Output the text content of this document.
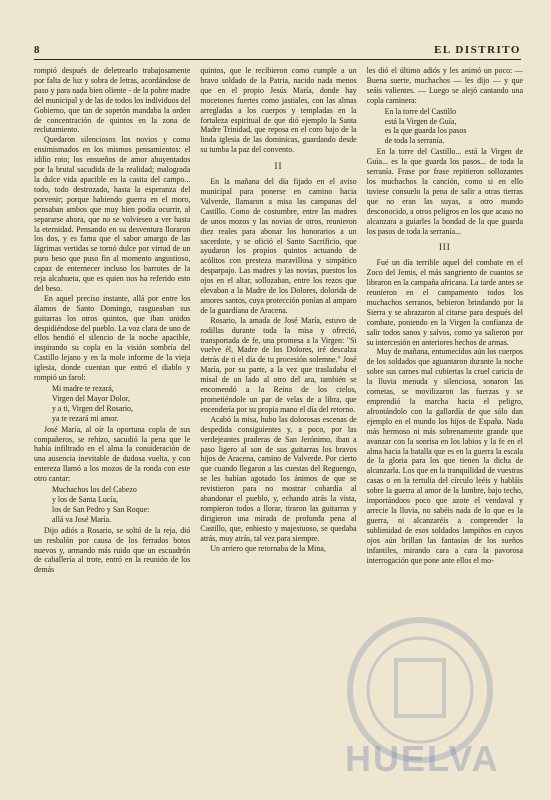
8	EL DISTRITO

rompió después de deletrearlo trabajosamente por falta de luz y sobra de letras, acordándose de paso y para nada bien oliente - de la pobre madre del municipal y de las de todos los individuos del Gobierno, que tan de sopetón mandaba la orden de concentración de quintos en la zona de reclutamiento.

Quedaron silenciosos los novios y como ensimismados en los mismos pensamientos: el idilio roto; los ensueños de amor ahuyentados por la brutal sacudida de la realidad; malograda la dulce vida apacible en la casita del campo... todo, todo destrozado, hasta la esperanza del porvenir; porque habiendo guerra en el moro, pensaban ambos que muy bien podía ocurrir, al separarse ahora, que no se volviesen a ver hasta la eternidad. Pensando en su desventura lloraron los dos, y es fama que el sabor amargo de las lágrimas vertidas se tornó dulce por virtud de un puro beso que puso fin al momento angustioso, capaz de enternecer incluso los barrotes de la reja alcahueta, que es quien nos ha referido esto del beso.

En aquel preciso instante, allá por entre los álamos de Santo Domingo, rasgueaban sus guitarras los otros quintos, que iban unidos despidiéndose del pueblo. La voz clara de uno de ellos hendió el silencio de la noche apacible, inspirando su copla en la visión sombría del Castillo lejano y en la mole informe de la vieja iglesia, donde cuentan que entró el diablo y rompió un farol:

Mi madre te rezará,
Virgen del Mayor Dolor,
y a ti, Virgen del Rosario,
ya te rezará mi amor.

José María, al oír la oportuna copla de sus compañeros, se rehizo, sacudió la pena que le había infiltrado en el alma la consideración de una ausencia inevitable de dudosa vuelta, y con entereza llamó a los mozos de la ronda con este otro cantar:

Muchachos los del Cabezo
y los de Santa Lucía,
los de San Pedro y San Roque:
allá va José María.

Dijo adiós a Rosario, se soltó de la reja, dió un resbalón por causa de los ferrados botos nuevos y, armando más ruido que un escuadrón de caballería al trote, entró en la reunión de los demás

quintos, que le recibieron como cumple a un bravo soldado de la Patria, nacido nada menos que en el propio Jesús María, donde hay mocetones fuertes como jastiales, con las almas arregladas a los cuerpos y templadas en la fortaleza espiritual de que dió ejemplo la Santa Madre Trinidad, que reposa en el coro bajo de la linda iglesia de las dominicas, guardando desde su tumba la paz del convento.

II

En la mañana del día fijado en el aviso municipal para ponerse en camino hacia Valverde, llamaron a misa las campanas del Castillo. Como de costumbre, entre las madres de unos mozos y las novias de otros, reunieron diez reales para abonar los honorarios a un sacerdote, y se ofició el Santo Sacrificio, que ayudaron los propios quintos actuando de acólitos con presteza maravillosa y simpático desparpajo. Las madres y las novias, puestos los ojos en el altar, sollozaban, entre los rezos que elevaban a la Madre de los Dolores, dolorida de amores santos, cuya protección ponían al amparo de la guardiana de Aracena.

Rosario, la amada de José María, estuvo de rodillas durante toda la misa y ofreció, transportada de fe, una promesa a la Virgen: "Si vuelve él, Madre de los Dolores, iré descalza detrás de ti el día de tu procesión solemne." José María, por su parte, a la vez que trasladaba el misal de un lado al otro del ara, también se encomendó a la Reina de los cielos, prometiéndole un par de velas de a libra, que encendería por su propia mano el día del retorno.

Acabó la misa, hubo las dolorosas escenas de despedida consiguientes y, a poco, por las verdejeantes praderas de San Jerónimo, iban a paso ligero al son de sus guitarras los bravos hijos de Aracena, camino de Valverde. Por cierto que cuando llegaron a las cuestas del Reguengo, se les habían agotado los ánimos de que se revistieron para no mostrar cobardía al abandonar el pueblo, y, echando atrás la vista, rompieron todos a llorar, tiraron las guitarras y dirigieron una mirada de profunda pena al Castillo, que, enhiesto y majestuoso, se quedaba atrás, muy atrás, tal vez para siempre.

Un arriero que retornaba de la Mina,

les dió el último adiós y les animó un poco: —Buena suerte, muchachos — les dijo — y que seáis valientes. — Luego se alejó cantando una copla caminera:

En la torre del Castillo
está la Virgen de Guía,
es la que guarda los pasos
de toda la serranía.

En la torre del Castillo... está la Virgen de Guía... es la que guarda los pasos... de toda la serranía. Frase por frase repitieron sollozantes los muchachos la canción, como si en ello tuviese consuelo la pena de salir a otras tierras que no eran las suyas, a otro mundo desconocido, a otros peligros en los que acaso no alcanzara a guiarles la bondad de la que guarda los pasos de toda la serranía...

III

Fué un día terrible aquel del combate en el Zoco del Jemis, el más sangriento de cuantos se libraron en la campaña africana. La tarde antes se reunieron en el campamento todos los muchachos serranos, bebieron brindando por la Sierra y se abrazaron al citarse para después del combate, poniendo en la Virgen la confianza de salir todos sanos y salvos, como ya salieron por su intercesión en anteriores hechos de armas.

Muy de mañana, entumecidos aún los cuerpos de los soldados que aguantaron durante la noche sobre sus carnes mal cubiertas la cruel caricia de la lluvia menuda y silenciosa, sonaron las cornetas, se movilizaron las fuerzas y se emprendió la marcha hacia el peligro, afrontándolo con la gallardía de que sólo dan ejemplo en el mundo los hijos de España. Nada más hermoso ni más sobrenamente grande que avanzar con la sonrisa en los labios y la fe en el alma hacia la batalla que es en la guerra la escala de la gloria para los que tienen la dicha de alcanzarla. Los que en la tranquilidad de vuestras casas o en la tertulia del círculo leéis y habláis sobre la guerra al amor de la lumbre, bajo techo, importándoos poco que azote el vendaval y arrecie la lluvia, no sabéis nada de lo que es la guerra, ni alcanzaréis a comprender la sublimidad de esos soldados lampiños en cuyos ojos aún brillan las fantasías de los sueños infantiles, mirando cara a cara la pavorosa interrogación que pone ante ellos el mo-

HUELVA
